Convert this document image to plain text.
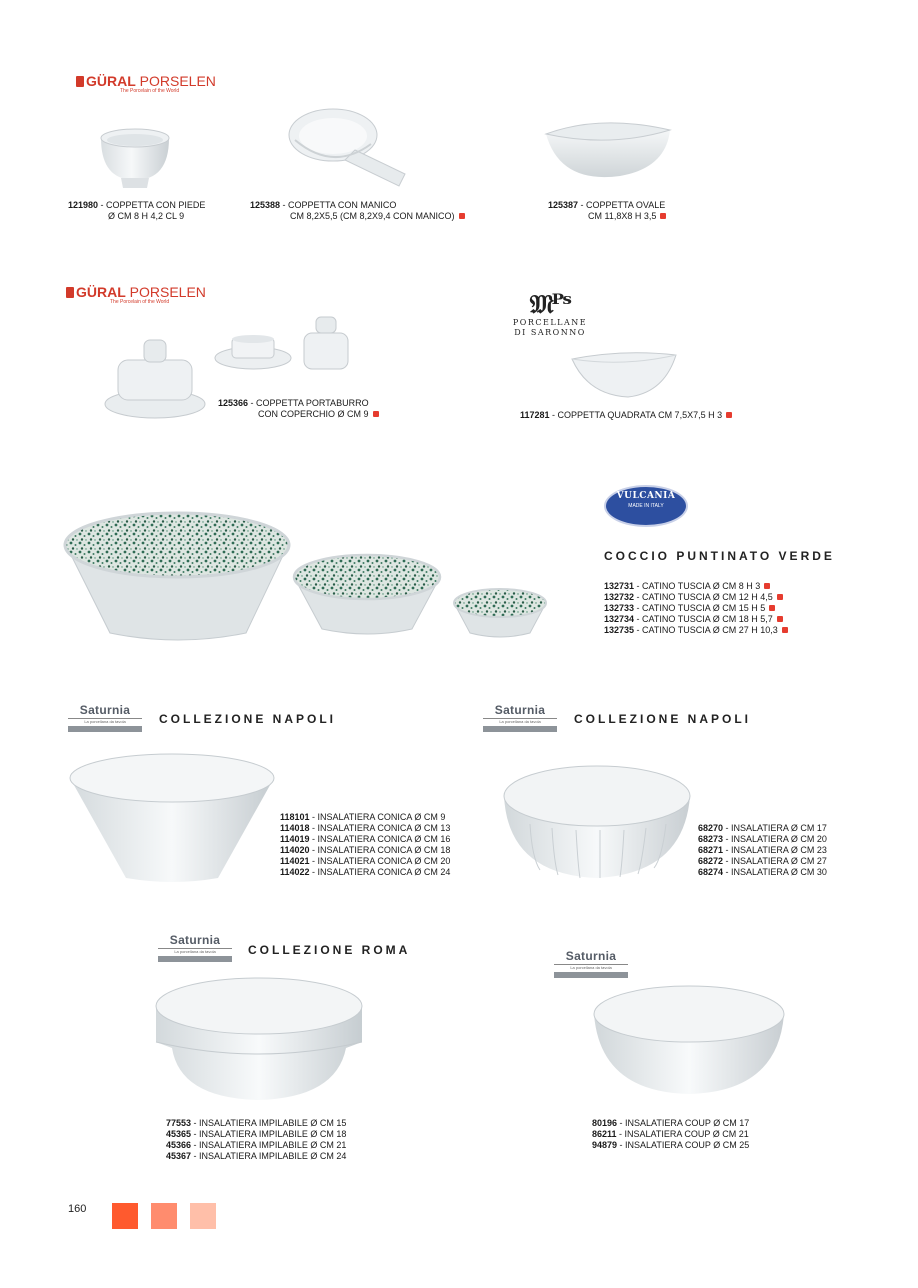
GÜRAL PORSELEN
The Porcelain of the World
121980 - COPPETTA CON PIEDE
Ø CM 8 H 4,2 CL 9
125388 - COPPETTA CON MANICO
CM 8,2X5,5 (CM 8,2X9,4 CON MANICO)
125387 - COPPETTA OVALE
CM 11,8X8 H 3,5
GÜRAL PORSELEN
The Porcelain of the World
125366 - COPPETTA PORTABURRO
CON COPERCHIO Ø CM 9
𝔐ᴾˢ
PORCELLANE
DI SARONNO
117281 - COPPETTA QUADRATA CM 7,5X7,5 H 3
VULCANIA
MADE IN ITALY
COCCIO PUNTINATO VERDE
132731 - CATINO TUSCIA Ø CM 8 H 3
132732 - CATINO TUSCIA Ø CM 12 H 4,5
132733 - CATINO TUSCIA Ø CM 15 H 5
132734 - CATINO TUSCIA Ø CM 18 H 5,7
132735 - CATINO TUSCIA Ø CM 27 H 10,3
Saturnia
La porcellana da tavola	COLLEZIONE NAPOLI
118101 - INSALATIERA CONICA Ø CM 9
114018 - INSALATIERA CONICA Ø CM 13
114019 - INSALATIERA CONICA Ø CM 16
114020 - INSALATIERA CONICA Ø CM 18
114021 - INSALATIERA CONICA Ø CM 20
114022 - INSALATIERA CONICA Ø CM 24
Saturnia
La porcellana da tavola	COLLEZIONE NAPOLI
68270 - INSALATIERA Ø CM 17
68273 - INSALATIERA Ø CM 20
68271 - INSALATIERA Ø CM 23
68272 - INSALATIERA Ø CM 27
68274 - INSALATIERA Ø CM 30
Saturnia
La porcellana da tavola	COLLEZIONE ROMA
77553 - INSALATIERA IMPILABILE Ø CM 15
45365 - INSALATIERA IMPILABILE Ø CM 18
45366 - INSALATIERA IMPILABILE Ø CM 21
45367 - INSALATIERA IMPILABILE Ø CM 24
Saturnia
La porcellana da tavola
80196 - INSALATIERA COUP Ø CM 17
86211 - INSALATIERA COUP Ø CM 21
94879 - INSALATIERA COUP Ø CM 25
160
